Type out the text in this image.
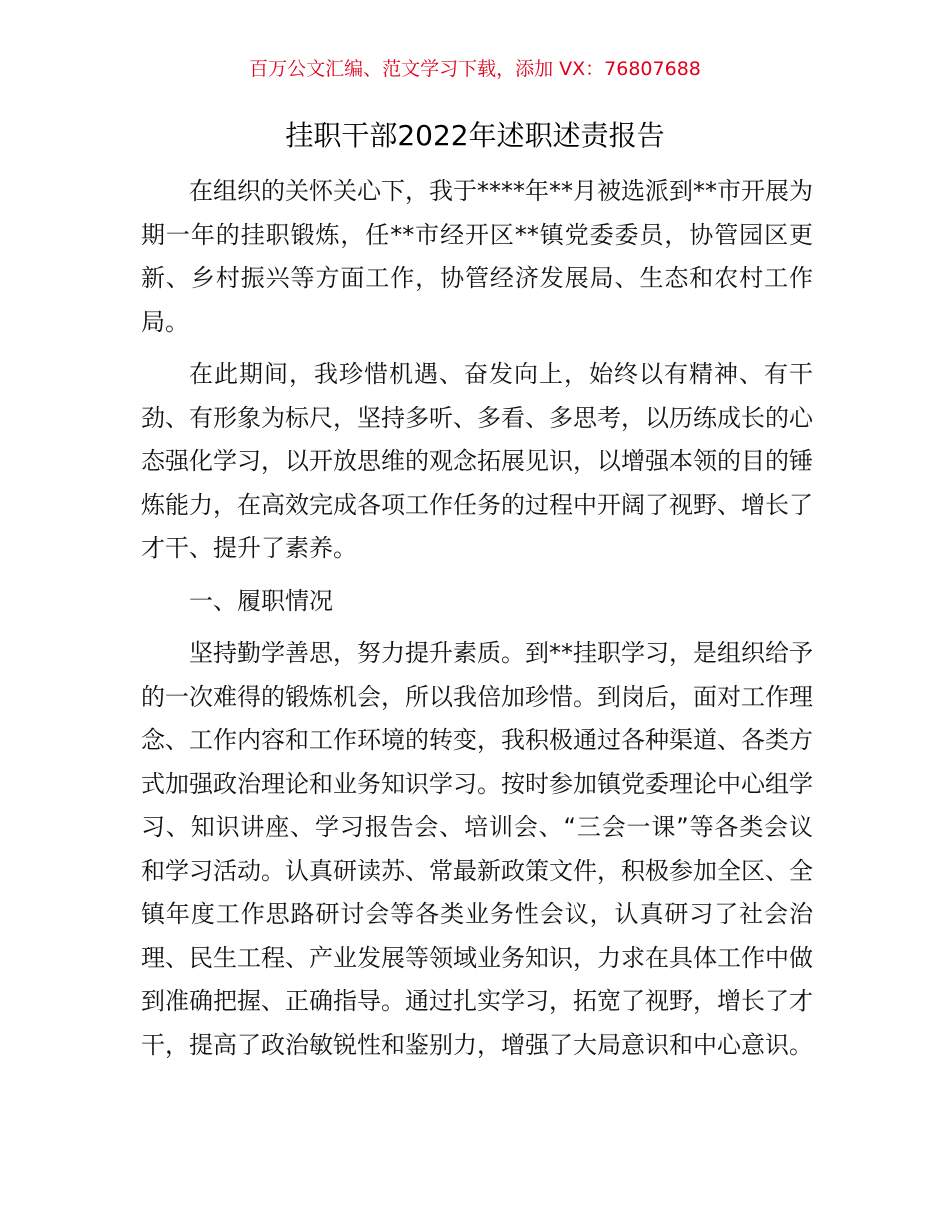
百万公文汇编、范文学习下载，添加 VX：76807688
挂职干部2022年述职述责报告

在组织的关怀关心下，我于****年**月被选派到**市开展为期一年的挂职锻炼，任**市经开区**镇党委委员，协管园区更新、乡村振兴等方面工作，协管经济发展局、生态和农村工作局。

在此期间，我珍惜机遇、奋发向上，始终以有精神、有干劲、有形象为标尺，坚持多听、多看、多思考，以历练成长的心态强化学习，以开放思维的观念拓展见识，以增强本领的目的锤炼能力，在高效完成各项工作任务的过程中开阔了视野、增长了才干、提升了素养。

一、履职情况

坚持勤学善思，努力提升素质。到**挂职学习，是组织给予的一次难得的锻炼机会，所以我倍加珍惜。到岗后，面对工作理念、工作内容和工作环境的转变，我积极通过各种渠道、各类方式加强政治理论和业务知识学习。按时参加镇党委理论中心组学习、知识讲座、学习报告会、培训会、“三会一课”等各类会议和学习活动。认真研读苏、常最新政策文件，积极参加全区、全镇年度工作思路研讨会等各类业务性会议，认真研习了社会治理、民生工程、产业发展等领域业务知识，力求在具体工作中做到准确把握、正确指导。通过扎实学习，拓宽了视野，增长了才干，提高了政治敏锐性和鉴别力，增强了大局意识和中心意识。
